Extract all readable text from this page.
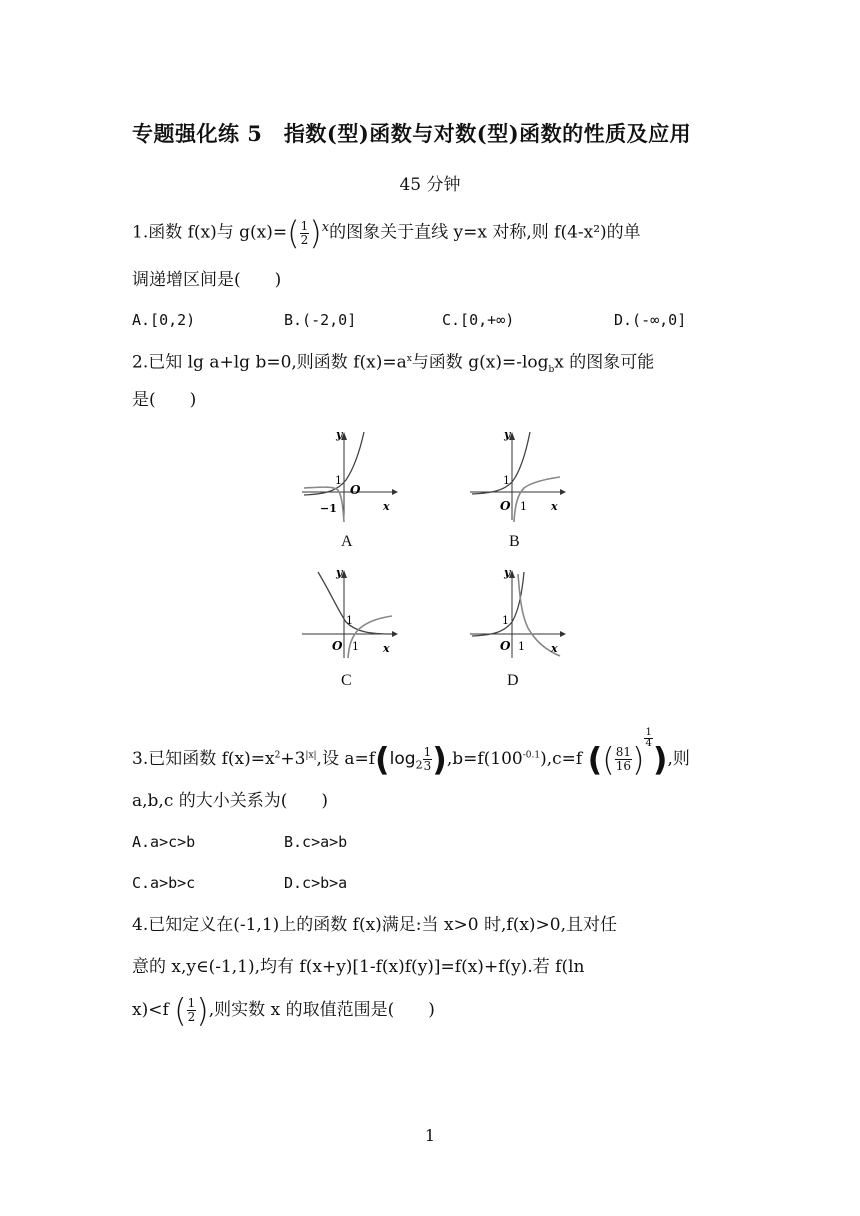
专题强化练 5　指数(型)函数与对数(型)函数的性质及应用
45 分钟
1.函数 f(x)与 $g(x)=( \frac{1}{2} )^x$的图象关于直线 y=x 对称,则 f(4-x²)的单
调递增区间是(　　)
A.[0,2)	B.(-2,0]	C.[0,+∞)	D.(-∞,0]
2.已知 lg a+lg b=0,则函数 $f(x)=a^x$与函数 $g(x)=-\log_bx$ 的图象可能
是(　　)
y
x
1
O
−1
A
y
x
1
O 1
B
y
x
1
O 1
C
y
x
1
O 1
D
3.已知函数 $f(x)=x^2+3^{|x|}$,设 $a=f(\log_2 \frac{1}{3} ),b=f(100^{-0.1}),c=f$ (( $\frac{81}{16}$ )
$^{\frac{1}{4}}$
),则
a,b,c 的大小关系为(　　)
A.a>c>b	B.c>a>b
C.a>b>c	D.c>b>a
4.已知定义在(-1,1)上的函数 f(x)满足:当 x>0 时,f(x)>0,且对任
意的 x,y∈(-1,1),均有 f(x+y)[1-f(x)f(y)]=f(x)+f(y).若 f(ln
x)<f ( $\frac{1}{2}$ ),则实数 x 的取值范围是(　　)
1
